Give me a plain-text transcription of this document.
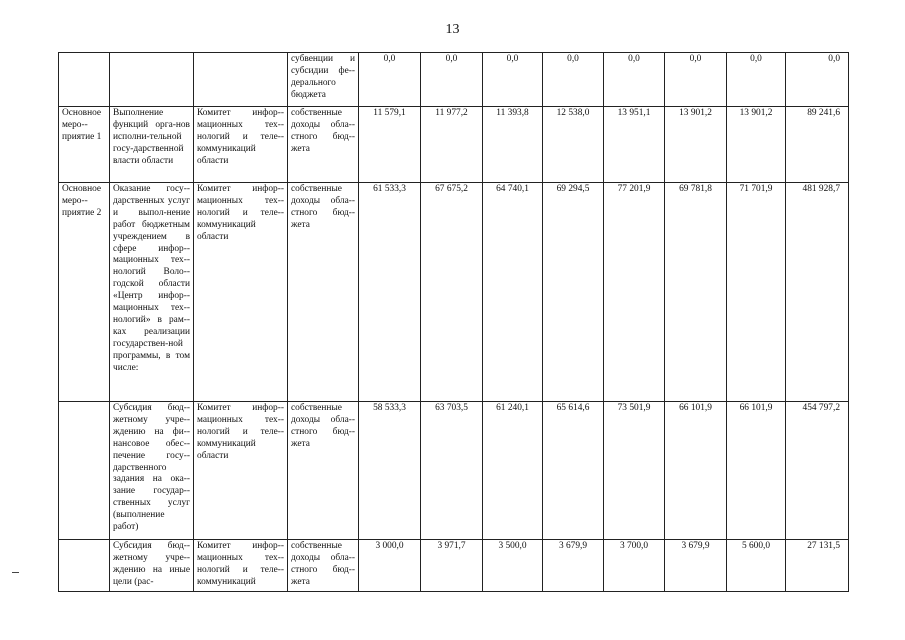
13
			субвенции и субсидии фе-дерального бюджета	0,0	0,0	0,0	0,0	0,0	0,0	0,0	0,0
Основное меро-приятие 1	Выполнение функций орга-нов исполни-тельной госу-дарственной власти области	Комитет инфор-мационных тех-нологий и теле-коммуникаций области	собственные доходы обла-стного бюд-жета	11 579,1	11 977,2	11 393,8	12 538,0	13 951,1	13 901,2	13 901,2	89 241,6
Основное меро-приятие 2	Оказание госу-дарственных услуг и выпол-нение работ бюджетным учреждением в сфере инфор-мационных тех-нологий Воло-годской области «Центр инфор-мационных тех-нологий» в рам-ках реализации государствен-ной программы, в том числе:	Комитет инфор-мационных тех-нологий и теле-коммуникаций области	собственные доходы обла-стного бюд-жета	61 533,3	67 675,2	64 740,1	69 294,5	77 201,9	69 781,8	71 701,9	481 928,7
	Субсидия бюд-жетному учре-ждению на фи-нансовое обес-печение госу-дарственного задания на ока-зание государ-ственных услуг (выполнение работ)	Комитет инфор-мационных тех-нологий и теле-коммуникаций области	собственные доходы обла-стного бюд-жета	58 533,3	63 703,5	61 240,1	65 614,6	73 501,9	66 101,9	66 101,9	454 797,2
	Субсидия бюд-жетному учре-ждению на иные цели (рас-	Комитет инфор-мационных тех-нологий и теле-коммуникаций	собственные доходы обла-стного бюд-жета	3 000,0	3 971,7	3 500,0	3 679,9	3 700,0	3 679,9	5 600,0	27 131,5
